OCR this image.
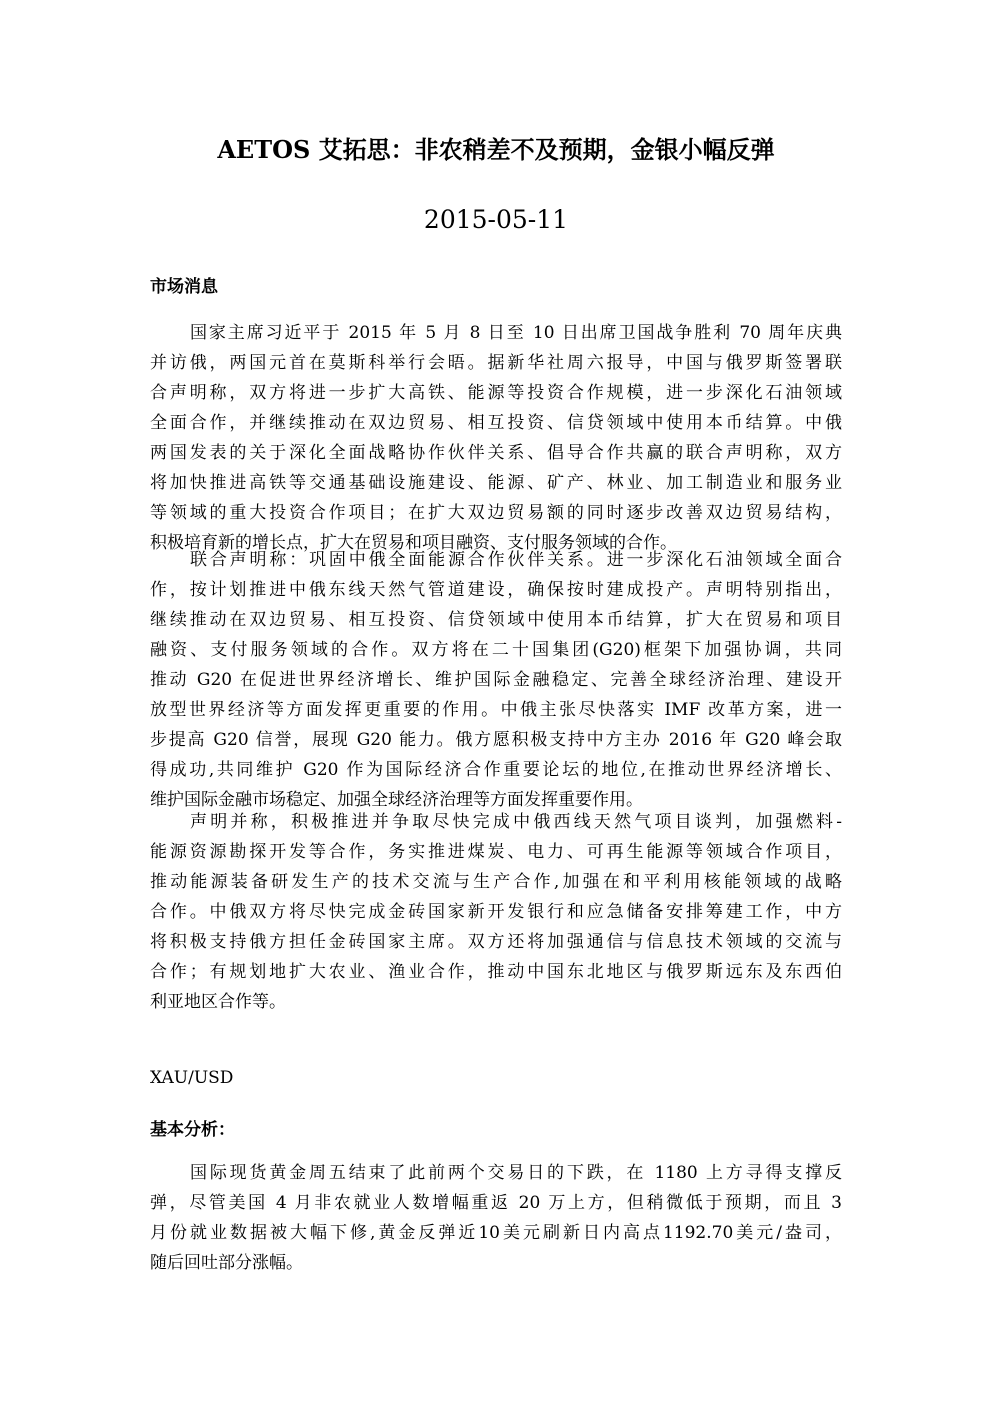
AETOS 艾拓思：非农稍差不及预期，金银小幅反弹
2015-05-11
市场消息
国家主席习近平于 2015 年 5 月 8 日至 10 日出席卫国战争胜利 70 周年庆典
并访俄，两国元首在莫斯科举行会晤。据新华社周六报导，中国与俄罗斯签署联
合声明称，双方将进一步扩大高铁、能源等投资合作规模，进一步深化石油领域
全面合作，并继续推动在双边贸易、相互投资、信贷领域中使用本币结算。中俄
两国发表的关于深化全面战略协作伙伴关系、倡导合作共赢的联合声明称，双方
将加快推进高铁等交通基础设施建设、能源、矿产、林业、加工制造业和服务业
等领域的重大投资合作项目；在扩大双边贸易额的同时逐步改善双边贸易结构，
积极培育新的增长点，扩大在贸易和项目融资、支付服务领域的合作。
联合声明称：巩固中俄全面能源合作伙伴关系。进一步深化石油领域全面合
作，按计划推进中俄东线天然气管道建设，确保按时建成投产。声明特别指出，
继续推动在双边贸易、相互投资、信贷领域中使用本币结算，扩大在贸易和项目
融资、支付服务领域的合作。双方将在二十国集团(G20)框架下加强协调，共同
推动 G20 在促进世界经济增长、维护国际金融稳定、完善全球经济治理、建设开
放型世界经济等方面发挥更重要的作用。中俄主张尽快落实 IMF 改革方案，进一
步提高 G20 信誉，展现 G20 能力。俄方愿积极支持中方主办 2016 年 G20 峰会取
得成功,共同维护 G20 作为国际经济合作重要论坛的地位,在推动世界经济增长、
维护国际金融市场稳定、加强全球经济治理等方面发挥重要作用。
声明并称，积极推进并争取尽快完成中俄西线天然气项目谈判，加强燃料-
能源资源勘探开发等合作，务实推进煤炭、电力、可再生能源等领域合作项目，
推动能源装备研发生产的技术交流与生产合作,加强在和平利用核能领域的战略
合作。中俄双方将尽快完成金砖国家新开发银行和应急储备安排筹建工作，中方
将积极支持俄方担任金砖国家主席。双方还将加强通信与信息技术领域的交流与
合作；有规划地扩大农业、渔业合作，推动中国东北地区与俄罗斯远东及东西伯
利亚地区合作等。
XAU/USD
基本分析：
国际现货黄金周五结束了此前两个交易日的下跌，在 1180 上方寻得支撑反
弹，尽管美国 4 月非农就业人数增幅重返 20 万上方，但稍微低于预期，而且 3
月份就业数据被大幅下修,黄金反弹近10美元刷新日内高点1192.70美元/盎司，
随后回吐部分涨幅。
